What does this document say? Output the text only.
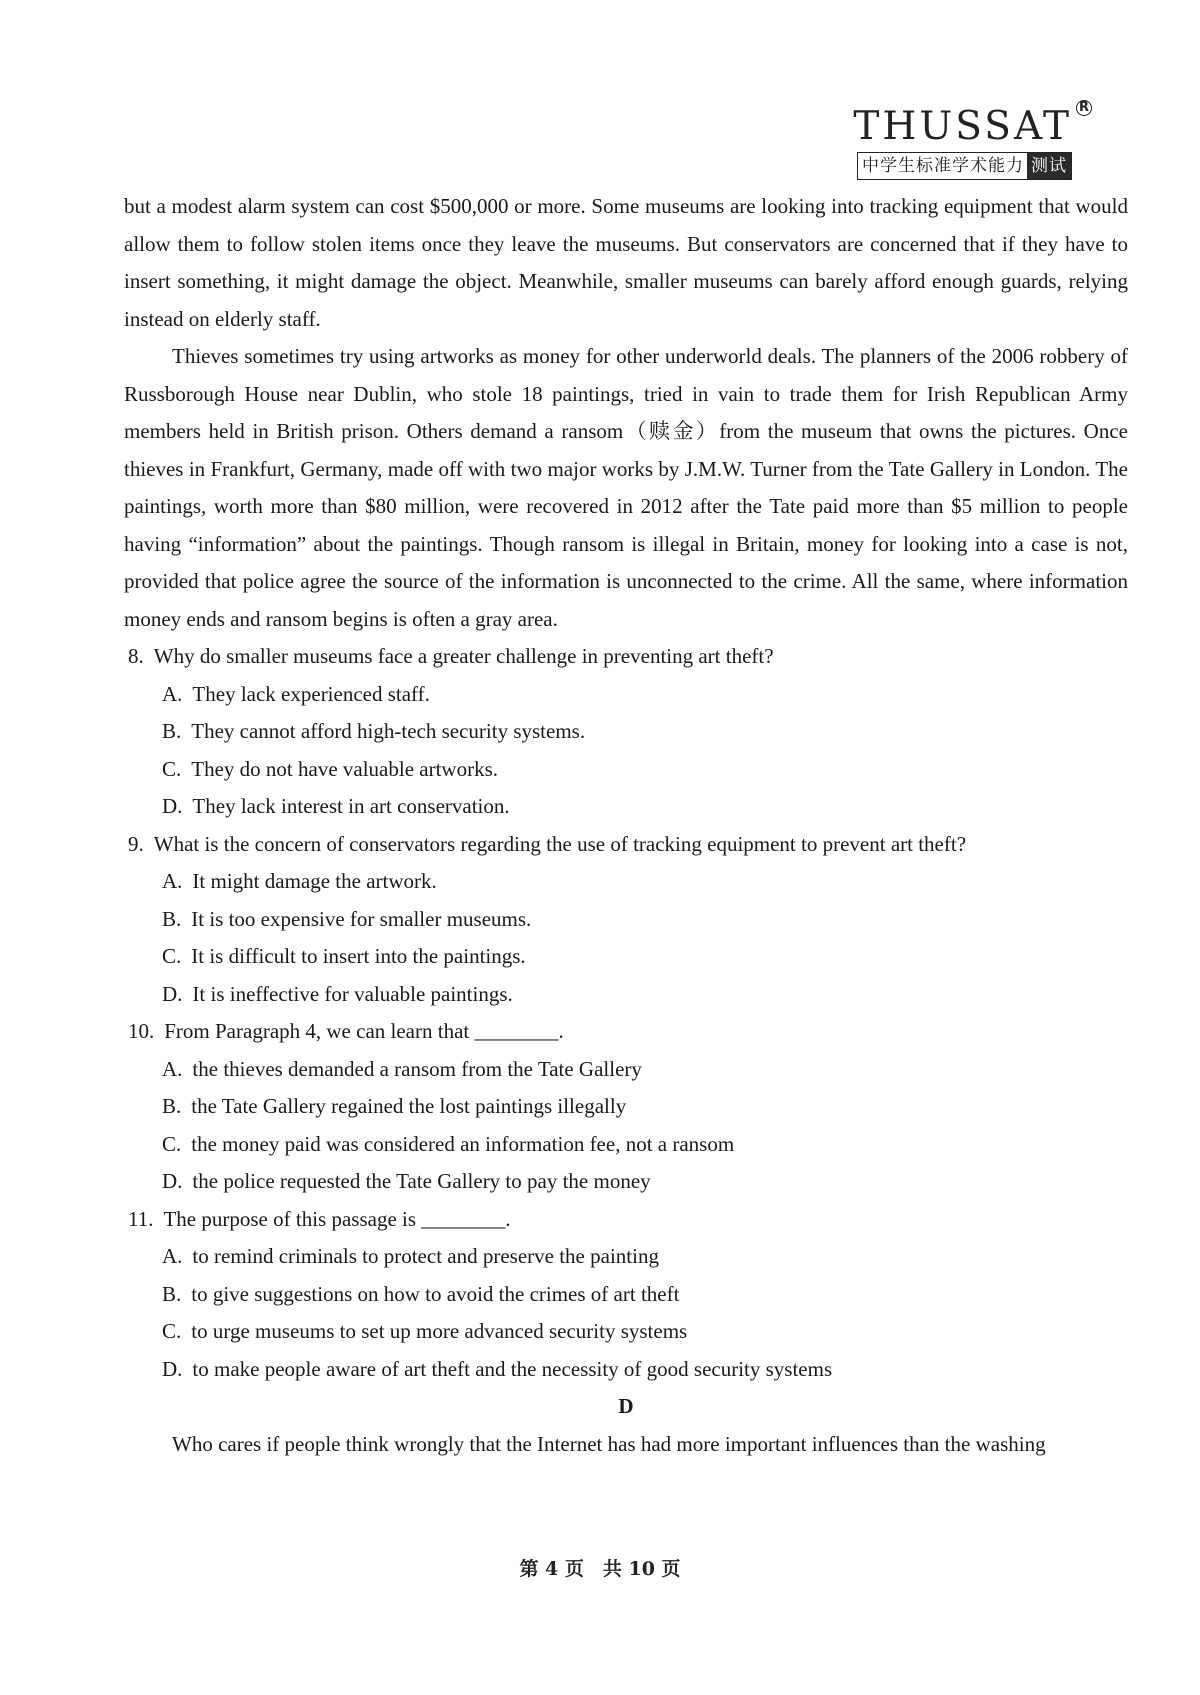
THUSSAT R
中学生标准学术能力 测试

but a modest alarm system can cost $500,000 or more. Some museums are looking into tracking equipment that would allow them to follow stolen items once they leave the museums. But conservators are concerned that if they have to insert something, it might damage the object. Meanwhile, smaller museums can barely afford enough guards, relying instead on elderly staff.

Thieves sometimes try using artworks as money for other underworld deals. The planners of the 2006 robbery of Russborough House near Dublin, who stole 18 paintings, tried in vain to trade them for Irish Republican Army members held in British prison. Others demand a ransom（赎金）from the museum that owns the pictures. Once thieves in Frankfurt, Germany, made off with two major works by J.M.W. Turner from the Tate Gallery in London. The paintings, worth more than $80 million, were recovered in 2012 after the Tate paid more than $5 million to people having “information” about the paintings. Though ransom is illegal in Britain, money for looking into a case is not, provided that police agree the source of the information is unconnected to the crime. All the same, where information money ends and ransom begins is often a gray area.

8. Why do smaller museums face a greater challenge in preventing art theft?

A. They lack experienced staff.

B. They cannot afford high-tech security systems.

C. They do not have valuable artworks.

D. They lack interest in art conservation.

9. What is the concern of conservators regarding the use of tracking equipment to prevent art theft?

A. It might damage the artwork.

B. It is too expensive for smaller museums.

C. It is difficult to insert into the paintings.

D. It is ineffective for valuable paintings.

10. From Paragraph 4, we can learn that ________.

A. the thieves demanded a ransom from the Tate Gallery

B. the Tate Gallery regained the lost paintings illegally

C. the money paid was considered an information fee, not a ransom

D. the police requested the Tate Gallery to pay the money

11. The purpose of this passage is ________.

A. to remind criminals to protect and preserve the painting

B. to give suggestions on how to avoid the crimes of art theft

C. to urge museums to set up more advanced security systems

D. to make people aware of art theft and the necessity of good security systems

D

Who cares if people think wrongly that the Internet has had more important influences than the washing

第 4 页　共 10 页
